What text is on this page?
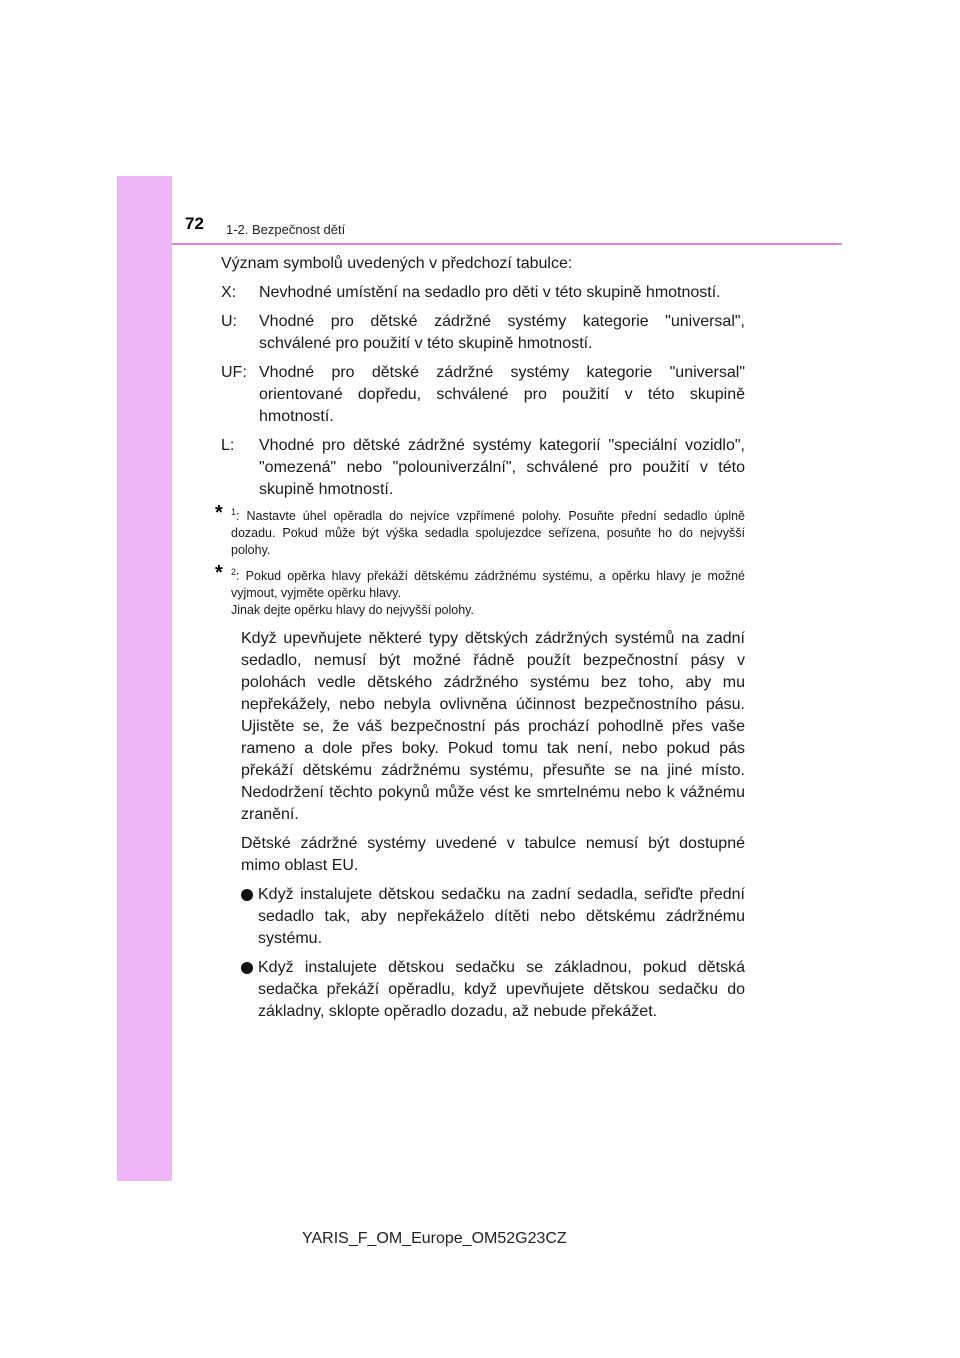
72 1-2. Bezpečnost dětí
Význam symbolů uvedených v předchozí tabulce:
X:	Nevhodné umístění na sedadlo pro děti v této skupině hmotností.
U:	Vhodné pro dětské zádržné systémy kategorie "universal", schválené pro použití v této skupině hmotností.
UF: Vhodné pro dětské zádržné systémy kategorie "universal" orientované dopředu, schválené pro použití v této skupině hmotností.
L:	Vhodné pro dětské zádržné systémy kategorií "speciální vozidlo", "omezená" nebo "polouniverzální", schválené pro použití v této skupině hmotností.
* $^1$: Nastavte úhel opěradla do nejvíce vzpřímené polohy. Posuňte přední sedadlo úplně dozadu. Pokud může být výška sedadla spolujezdce seřízena, posuňte ho do nejvyšší polohy.
* $^2$: Pokud opěrka hlavy překáží dětskému zádržnému systému, a opěrku hlavy je možné vyjmout, vyjměte opěrku hlavy.
Jinak dejte opěrku hlavy do nejvyšší polohy.
Když upevňujete některé typy dětských zádržných systémů na zadní sedadlo, nemusí být možné řádně použít bezpečnostní pásy v polohách vedle dětského zádržného systému bez toho, aby mu nepřekážely, nebo nebyla ovlivněna účinnost bezpečnostního pásu. Ujistěte se, že váš bezpečnostní pás prochází pohodlně přes vaše rameno a dole přes boky. Pokud tomu tak není, nebo pokud pás překáží dětskému zádržnému systému, přesuňte se na jiné místo. Nedodržení těchto pokynů může vést ke smrtelnému nebo k vážnému zranění.
Dětské zádržné systémy uvedené v tabulce nemusí být dostupné mimo oblast EU.
Když instalujete dětskou sedačku na zadní sedadla, seřiďte přední sedadlo tak, aby nepřekáželo dítěti nebo dětskému zádržnému systému.
Když instalujete dětskou sedačku se základnou, pokud dětská sedačka překáží opěradlu, když upevňujete dětskou sedačku do základny, sklopte opěradlo dozadu, až nebude překážet.
YARIS_F_OM_Europe_OM52G23CZ
